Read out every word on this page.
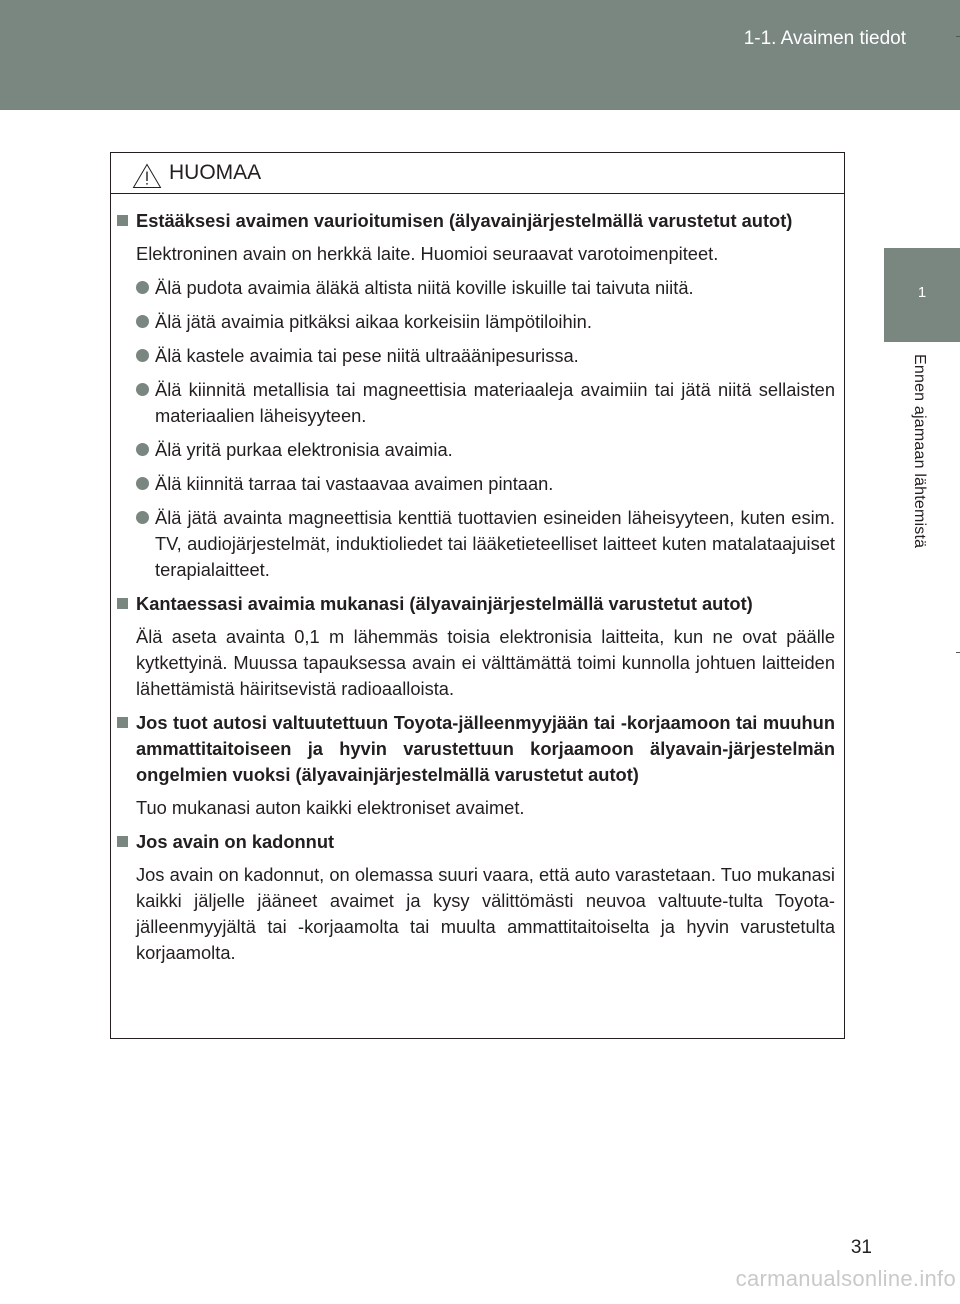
1-1. Avaimen tiedot
1
Ennen ajamaan lähtemistä
HUOMAA
Estääksesi avaimen vaurioitumisen (älyavainjärjestelmällä varustetut autot)
Elektroninen avain on herkkä laite. Huomioi seuraavat varotoimenpiteet.
Älä pudota avaimia äläkä altista niitä koville iskuille tai taivuta niitä.
Älä jätä avaimia pitkäksi aikaa korkeisiin lämpötiloihin.
Älä kastele avaimia tai pese niitä ultraäänipesurissa.
Älä kiinnitä metallisia tai magneettisia materiaaleja avaimiin tai jätä niitä sellaisten materiaalien läheisyyteen.
Älä yritä purkaa elektronisia avaimia.
Älä kiinnitä tarraa tai vastaavaa avaimen pintaan.
Älä jätä avainta magneettisia kenttiä tuottavien esineiden läheisyyteen, kuten esim. TV, audiojärjestelmät, induktioliedet tai lääketieteelliset laitteet kuten matalataajuiset terapialaitteet.
Kantaessasi avaimia mukanasi (älyavainjärjestelmällä varustetut autot)
Älä aseta avainta 0,1 m lähemmäs toisia elektronisia laitteita, kun ne ovat päälle kytkettyinä. Muussa tapauksessa avain ei välttämättä toimi kunnolla johtuen laitteiden lähettämistä häiritsevistä radioaalloista.
Jos tuot autosi valtuutettuun Toyota-jälleenmyyjään tai -korjaamoon tai muuhun ammattitaitoiseen ja hyvin varustettuun korjaamoon älyavain-järjestelmän ongelmien vuoksi (älyavainjärjestelmällä varustetut autot)
Tuo mukanasi auton kaikki elektroniset avaimet.
Jos avain on kadonnut
Jos avain on kadonnut, on olemassa suuri vaara, että auto varastetaan. Tuo mukanasi kaikki jäljelle jääneet avaimet ja kysy välittömästi neuvoa valtuute-tulta Toyota-jälleenmyyjältä tai -korjaamolta tai muulta ammattitaitoiselta ja hyvin varustetulta korjaamolta.
31
carmanualsonline.info
